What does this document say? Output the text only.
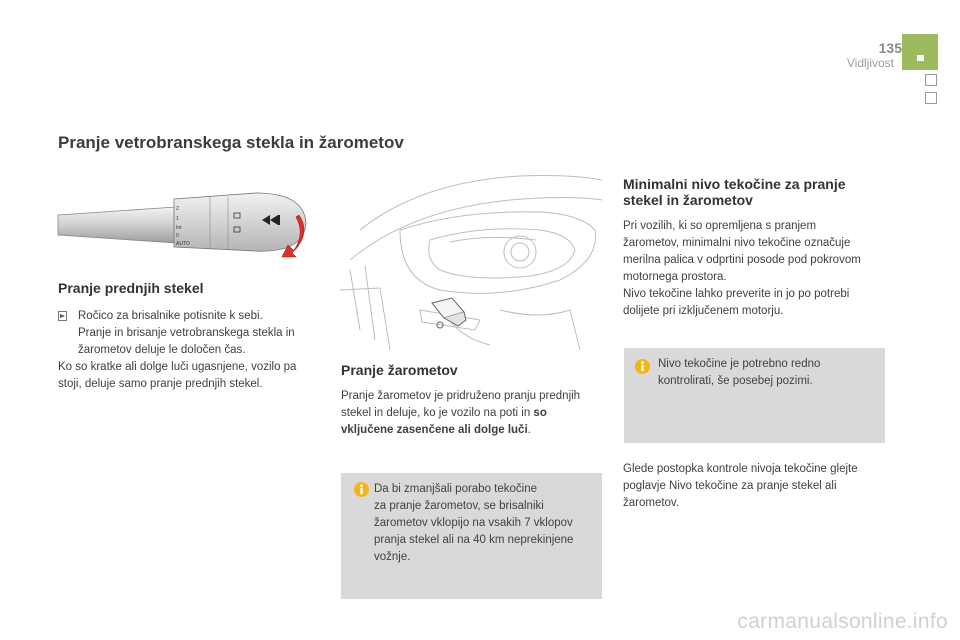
135
Vidljivost
Pranje vetrobranskega stekla in žarometov
2
1
Int
0
AUTO
Pranje prednjih stekel
Ročico za brisalnike potisnite k sebi.
Pranje in brisanje vetrobranskega stekla in
žarometov deluje le določen čas.
Ko so kratke ali dolge luči ugasnjene, vozilo pa
stoji, deluje samo pranje prednjih stekel.
Pranje žarometov
Pranje žarometov je pridruženo pranju prednjih
stekel in deluje, ko je vozilo na poti in so
vključene zasenčene ali dolge luči.
Da bi zmanjšali porabo tekočine
za pranje žarometov, se brisalniki
žarometov vklopijo na vsakih 7 vklopov
pranja stekel ali na 40 km neprekinjene
vožnje.
Minimalni nivo tekočine za pranje
stekel in žarometov
Pri vozilih, ki so opremljena s pranjem
žarometov, minimalni nivo tekočine označuje
merilna palica v odprtini posode pod pokrovom
motornega prostora.
Nivo tekočine lahko preverite in jo po potrebi
dolijete pri izključenem motorju.
Nivo tekočine je potrebno redno
kontrolirati, še posebej pozimi.
Glede postopka kontrole nivoja tekočine glejte
poglavje Nivo tekočine za pranje stekel ali
žarometov.
carmanualsonline.info
